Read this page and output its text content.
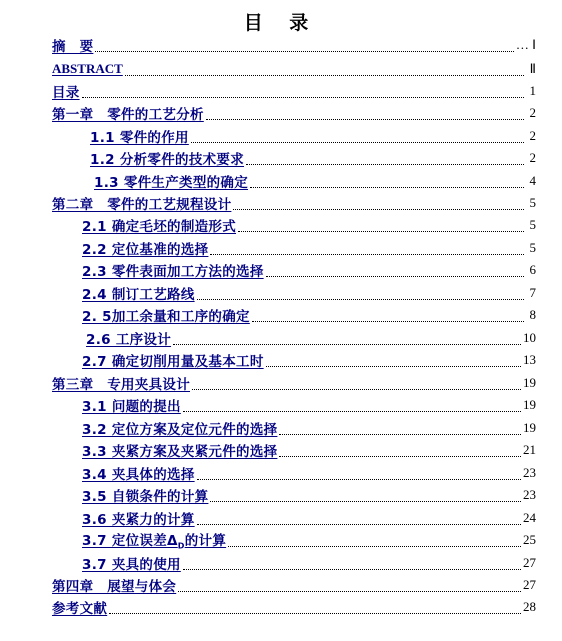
目 录
摘　要	… Ⅰ
ABSTRACT	Ⅱ
目录	1
第一章　零件的工艺分析	2
1.1 零件的作用	2
1.2 分析零件的技术要求	2
1.3 零件生产类型的确定	4
第二章　零件的工艺规程设计	5
2.1 确定毛坯的制造形式	5
2.2 定位基准的选择	5
2.3 零件表面加工方法的选择	6
2.4 制订工艺路线	7
2. 5加工余量和工序的确定	8
2.6 工序设计	10
2.7 确定切削用量及基本工时	13
第三章　专用夹具设计	19
3.1 问题的提出	19
3.2 定位方案及定位元件的选择	19
3.3 夹紧方案及夹紧元件的选择	21
3.4 夹具体的选择	23
3.5 自锁条件的计算	23
3.6 夹紧力的计算	24
3.7 定位误差$\Delta_D$的计算	25
3.7 夹具的使用	27
第四章　展望与体会	27
参考文献	28
